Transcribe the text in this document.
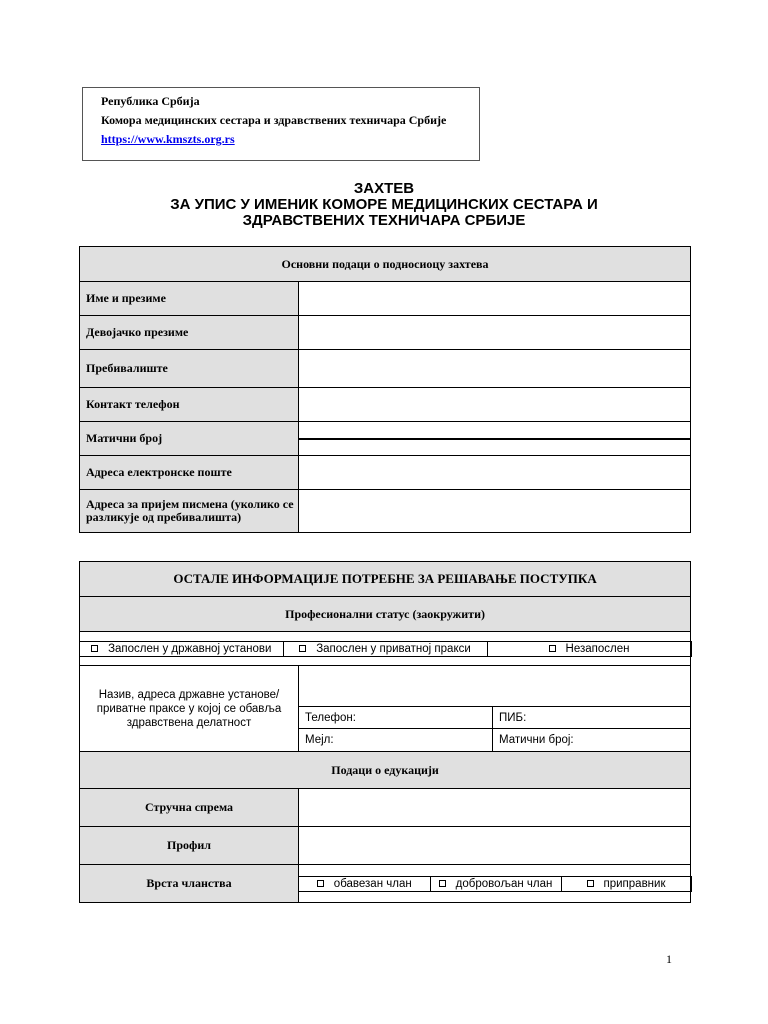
Република Србија
Комора медицинских сестара и здравствених техничара Србије
https://www.kmszts.org.rs
ЗАХТЕВ
ЗА УПИС У ИМЕНИК КОМОРЕ МЕДИЦИНСКИХ СЕСТАРА И
ЗДРАВСТВЕНИХ ТЕХНИЧАРА СРБИЈЕ
Основни подаци о подносиоцу захтева
Име и презиме	
Девојачко презиме	
Пребивалиште	
Контакт телефон	
Матични број	

Адреса електронске поште	
Адреса за пријем писмена (уколико се разликује од пребивалишта)	
ОСТАЛЕ ИНФОРМАЦИЈЕ ПОТРЕБНЕ ЗА РЕШАВАЊЕ ПОСТУПКА
Професионални статус (заокружити)

Запослен у државној установи	Запослен у приватној пракси	Незапослен

Назив, адреса државне установе/приватне праксе у којој се обавља здравствена делатност	
Телефон:	ПИБ:
Мејл:	Матични број:
Подаци о едукацији
Стручна спрема	
Профил	
Врста чланства		обавезан члан	добровољан члан	приправник
1
